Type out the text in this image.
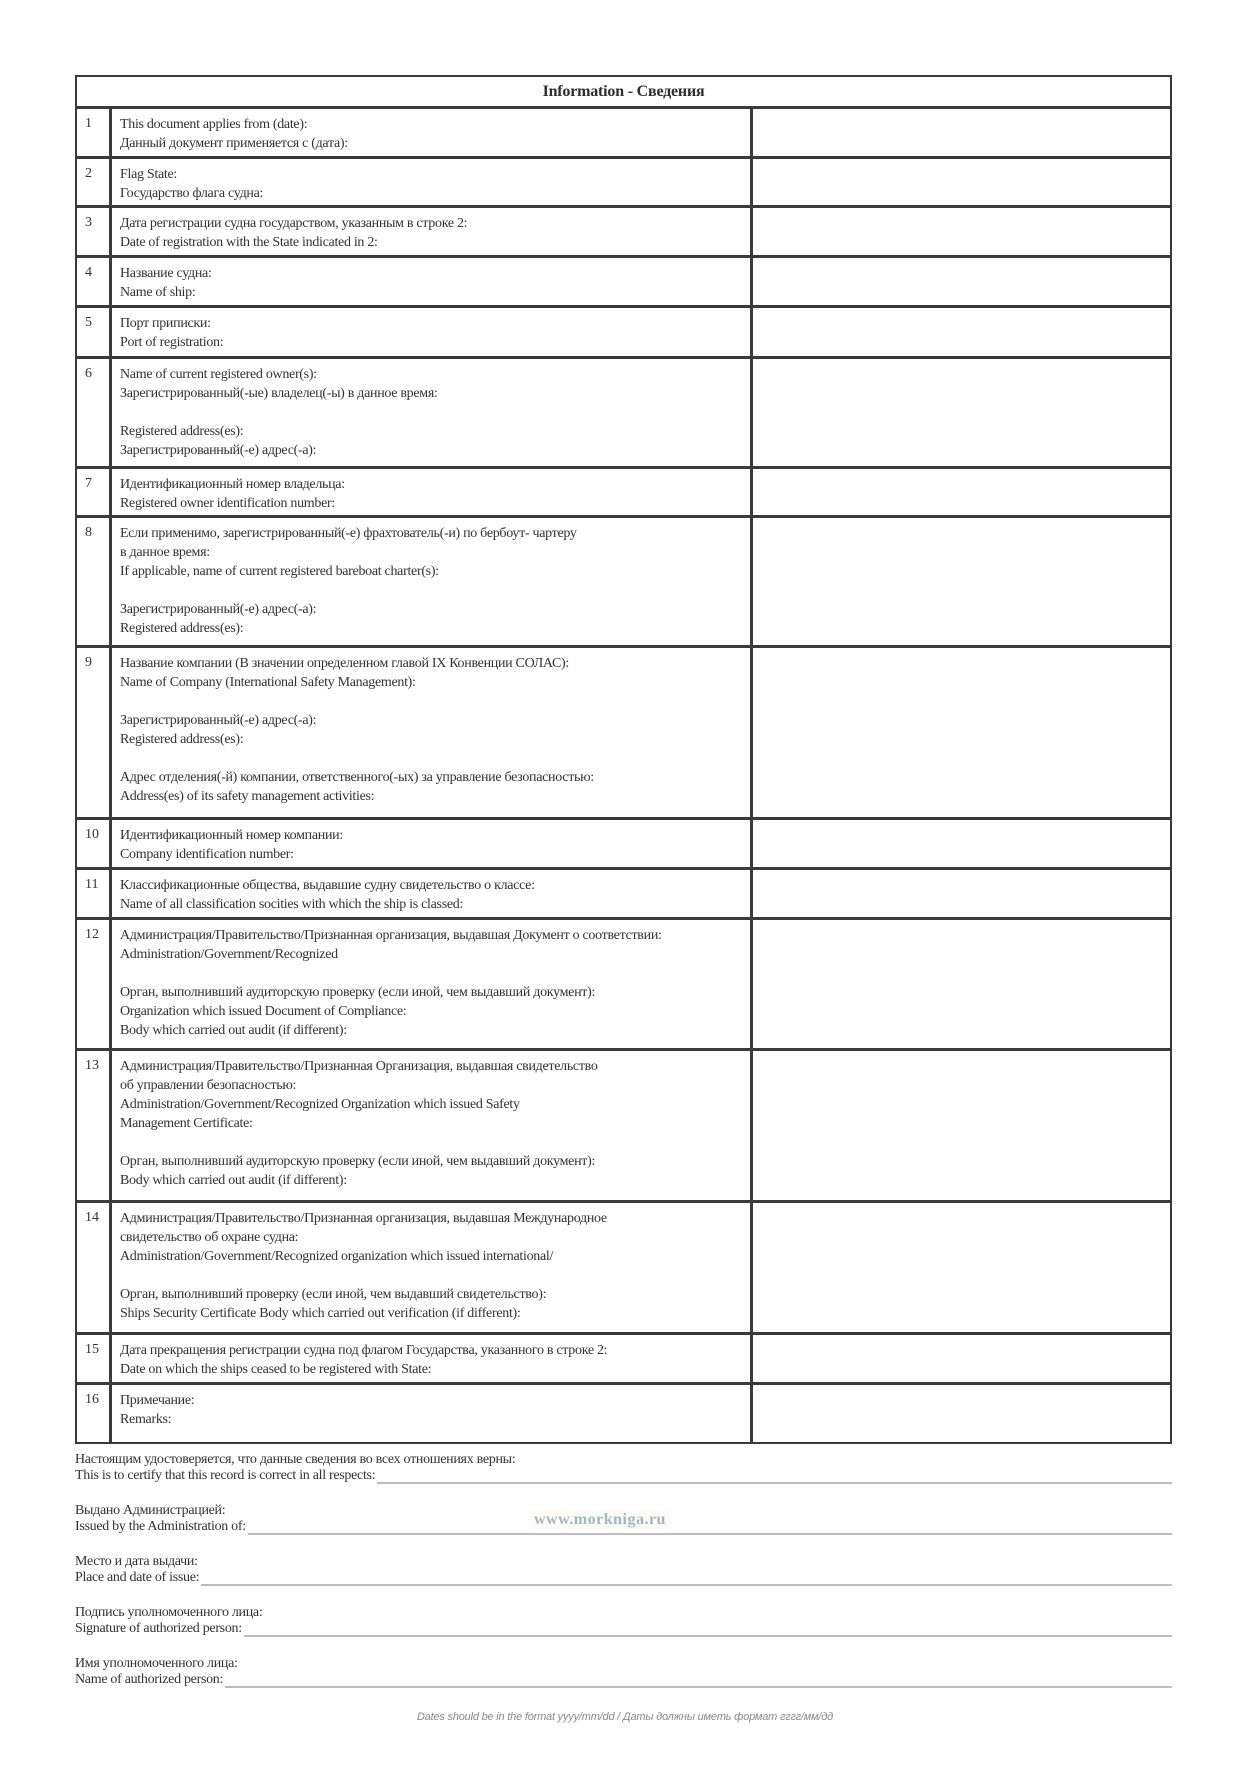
Information - Сведения
1	This document applies from (date):
Данный документ применяется с (дата):
2	Flag State:
Государство флага судна:
3	Дата регистрации судна государством, указанным в строке 2:
Date of registration with the State indicated in 2:
4	Название судна:
Name of ship:
5	Порт приписки:
Port of registration:
6	Name of current registered owner(s):
Зарегистрированный(-ые) владелец(-ы) в данное время:
Registered address(es):
Зарегистрированный(-е) адрес(-а):
7	Идентификационный номер владельца:
Registered owner identification number:
8	Если применимо, зарегистрированный(-е) фрахтователь(-и) по бербоут- чартеру
в данное время:
If applicable, name of current registered bareboat charter(s):
Зарегистрированный(-е) адрес(-а):
Registered address(es):
9	Название компании (В значении определенном главой IX Конвенции СОЛАС):
Name of Company (International Safety Management):
Зарегистрированный(-е) адрес(-а):
Registered address(es):
Адрес отделения(-й) компании, ответственного(-ых) за управление безопасностью:
Address(es) of its safety management activities:
10	Идентификационный номер компании:
Company identification number:
11	Классификационные общества, выдавшие судну свидетельство о классе:
Name of all classification socities with which the ship is classed:
12	Администрация/Правительство/Признанная организация, выдавшая Документ о соответствии:
Administration/Government/Recognized
Орган, выполнивший аудиторскую проверку (если иной, чем выдавший документ):
Organization which issued Document of Compliance:
Body which carried out audit (if different):
13	Администрация/Правительство/Признанная Организация, выдавшая свидетельство
об управлении безопасностью:
Administration/Government/Recognized Organization which issued Safety
Management Certificate:
Орган, выполнивший аудиторскую проверку (если иной, чем выдавший документ):
Body which carried out audit (if different):
14	Администрация/Правительство/Признанная организация, выдавшая Международное
свидетельство об охране судна:
Administration/Government/Recognized organization which issued international/
Орган, выполнивший проверку (если иной, чем выдавший свидетельство):
Ships Security Certificate Body which carried out verification (if different):
15	Дата прекращения регистрации судна под флагом Государства, указанного в строке 2:
Date on which the ships ceased to be registered with State:
16	Примечание:
Remarks:
Настоящим удостоверяется, что данные сведения во всех отношениях верны:
This is to certify that this record is correct in all respects:
Выдано Администрацией:
Issued by the Administration of:
Место и дата выдачи:
Place and date of issue:
Подпись уполномоченного лица:
Signature of authorized person:
Имя уполномоченного лица:
Name of authorized person:
www.morkniga.ru
Dates should be in the format yyyy/mm/dd / Даты должны иметь формат гггг/мм/дд
